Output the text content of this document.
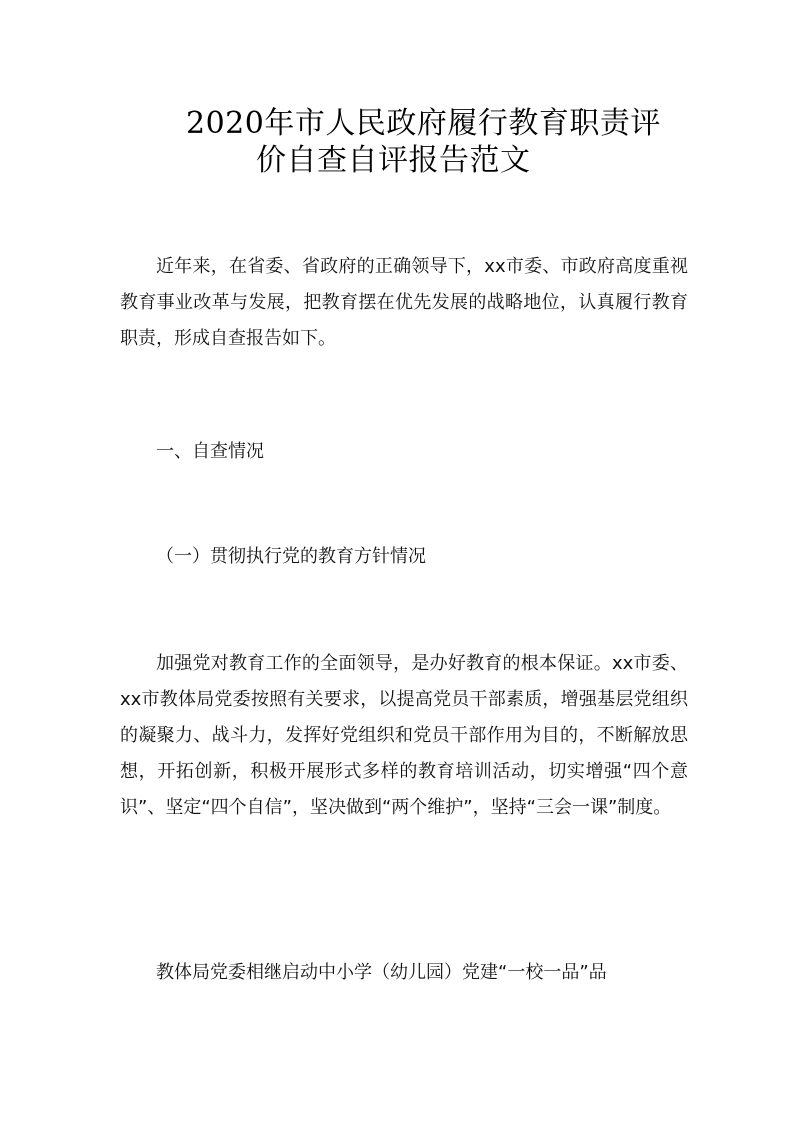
2020年市人民政府履行教育职责评
价自查自评报告范文

近年来，在省委、省政府的正确领导下，xx市委、市政府高度重视教育事业改革与发展，把教育摆在优先发展的战略地位，认真履行教育职责，形成自查报告如下。

一、自查情况

（一）贯彻执行党的教育方针情况

加强党对教育工作的全面领导，是办好教育的根本保证。xx市委、xx市教体局党委按照有关要求，以提高党员干部素质，增强基层党组织的凝聚力、战斗力，发挥好党组织和党员干部作用为目的，不断解放思想，开拓创新，积极开展形式多样的教育培训活动，切实增强“四个意识”、坚定“四个自信”，坚决做到“两个维护”，坚持“三会一课”制度。

教体局党委相继启动中小学（幼儿园）党建“一校一品”品
